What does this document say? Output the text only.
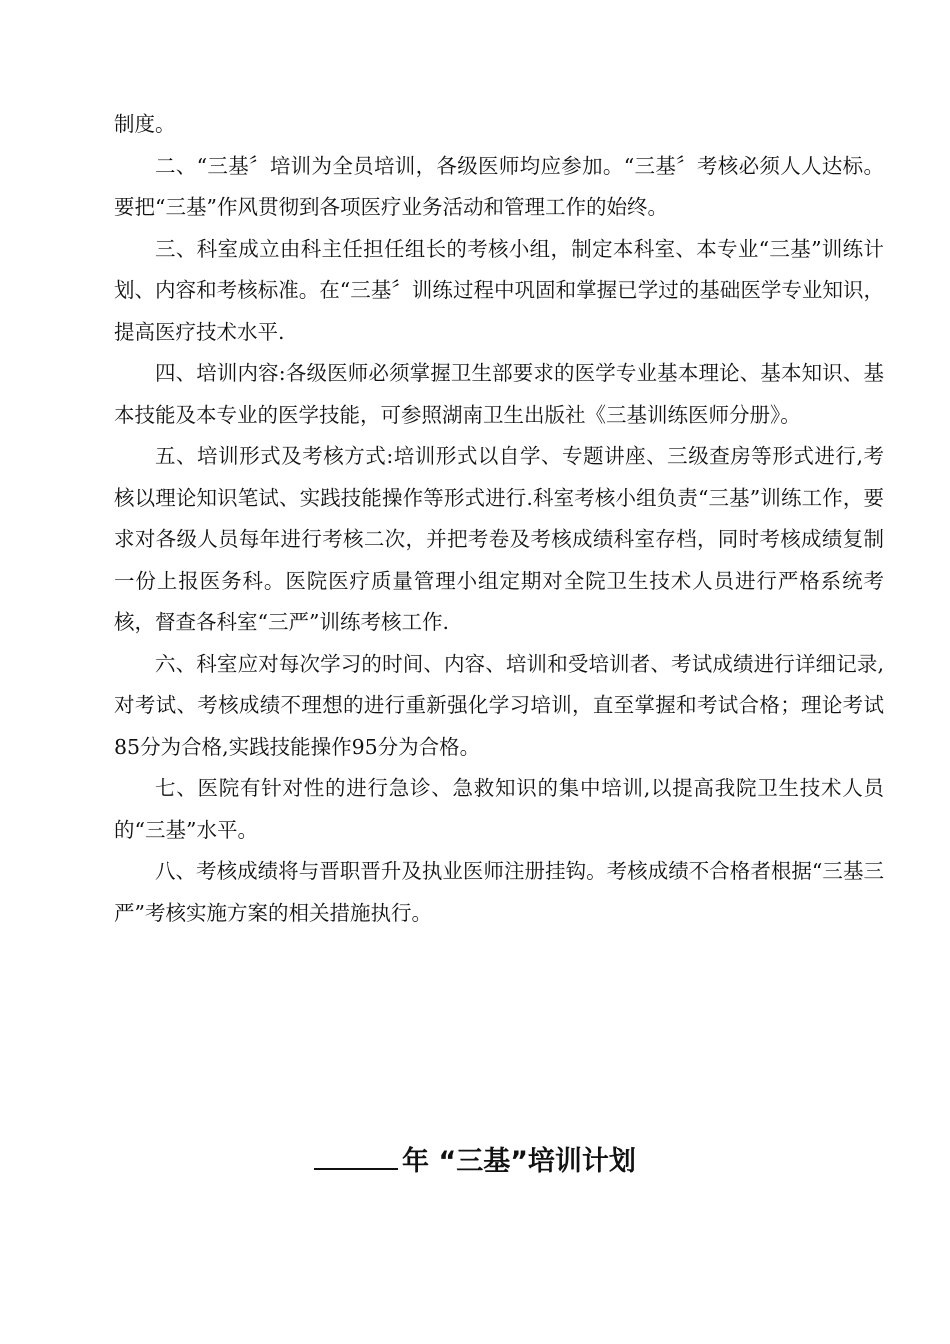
制度。

二、“三基〞培训为全员培训，各级医师均应参加。“三基〞考核必须人人达标。要把“三基”作风贯彻到各项医疗业务活动和管理工作的始终。

三、科室成立由科主任担任组长的考核小组，制定本科室、本专业“三基”训练计划、内容和考核标准。在“三基〞训练过程中巩固和掌握已学过的基础医学专业知识，提高医疗技术水平.

四、培训内容:各级医师必须掌握卫生部要求的医学专业基本理论、基本知识、基本技能及本专业的医学技能，可参照湖南卫生出版社《三基训练医师分册》。

五、培训形式及考核方式:培训形式以自学、专题讲座、三级查房等形式进行,考核以理论知识笔试、实践技能操作等形式进行.科室考核小组负责“三基”训练工作，要求对各级人员每年进行考核二次，并把考卷及考核成绩科室存档，同时考核成绩复制一份上报医务科。医院医疗质量管理小组定期对全院卫生技术人员进行严格系统考核，督查各科室“三严”训练考核工作.

六、科室应对每次学习的时间、内容、培训和受培训者、考试成绩进行详细记录,对考试、考核成绩不理想的进行重新强化学习培训，直至掌握和考试合格；理论考试85分为合格,实践技能操作95分为合格。

七、医院有针对性的进行急诊、急救知识的集中培训,以提高我院卫生技术人员的“三基”水平。

八、考核成绩将与晋职晋升及执业医师注册挂钩。考核成绩不合格者根据“三基三严”考核实施方案的相关措施执行。

年 “三基”培训计划
